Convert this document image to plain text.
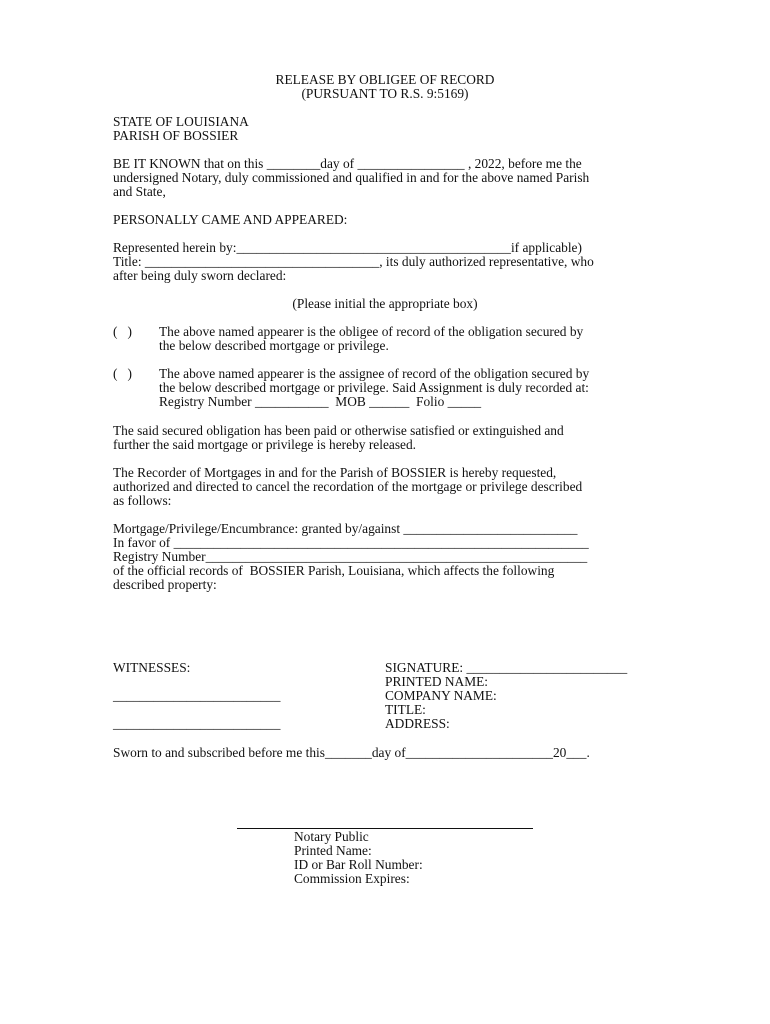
RELEASE BY OBLIGEE OF RECORD
(PURSUANT TO R.S. 9:5169)
STATE OF LOUISIANA
PARISH OF BOSSIER
BE IT KNOWN that on this ________day of ________________ , 2022, before me the
undersigned Notary, duly commissioned and qualified in and for the above named Parish
and State,
PERSONALLY CAME AND APPEARED:
Represented herein by:_________________________________________if applicable)
Title: ___________________________________, its duly authorized representative, who
after being duly sworn declared:
(Please initial the appropriate box)
(   ) The above named appearer is the obligee of record of the obligation secured by
the below described mortgage or privilege.
(   ) The above named appearer is the assignee of record of the obligation secured by
the below described mortgage or privilege. Said Assignment is duly recorded at:
Registry Number ___________  MOB ______  Folio _____
The said secured obligation has been paid or otherwise satisfied or extinguished and
further the said mortgage or privilege is hereby released.
The Recorder of Mortgages in and for the Parish of BOSSIER is hereby requested,
authorized and directed to cancel the recordation of the mortgage or privilege described
as follows:
Mortgage/Privilege/Encumbrance: granted by/against __________________________
In favor of ______________________________________________________________
Registry Number_________________________________________________________
of the official records of  BOSSIER Parish, Louisiana, which affects the following
described property:
WITNESSES:
_________________________
_________________________
SIGNATURE: ________________________
PRINTED NAME:
COMPANY NAME:
TITLE:
ADDRESS:
Sworn to and subscribed before me this_______day of______________________20___.
Notary Public
Printed Name:
ID or Bar Roll Number:
Commission Expires:
